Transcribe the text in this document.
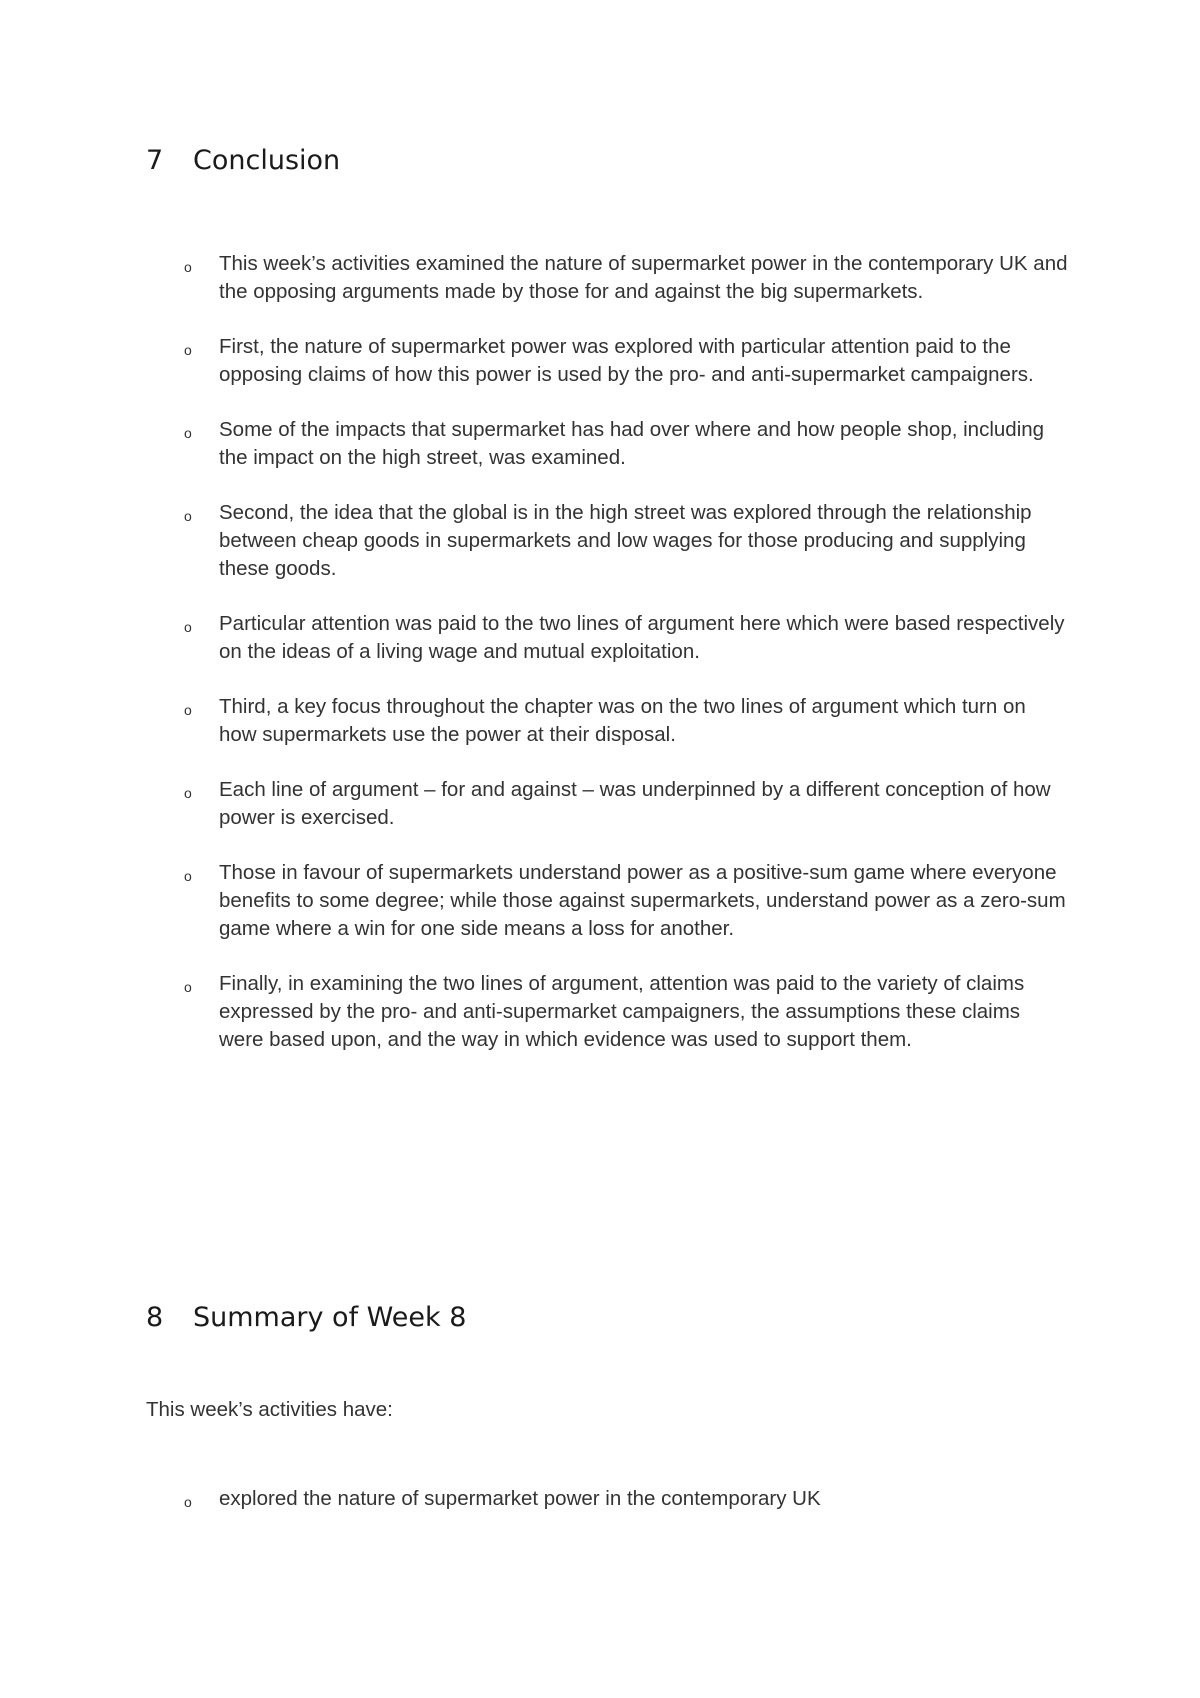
7 Conclusion
o This week’s activities examined the nature of supermarket power in the contemporary UK and the opposing arguments made by those for and against the big supermarkets.
o First, the nature of supermarket power was explored with particular attention paid to the opposing claims of how this power is used by the pro- and anti-supermarket campaigners.
o Some of the impacts that supermarket has had over where and how people shop, including the impact on the high street, was examined.
o Second, the idea that the global is in the high street was explored through the relationship between cheap goods in supermarkets and low wages for those producing and supplying these goods.
o Particular attention was paid to the two lines of argument here which were based respectively on the ideas of a living wage and mutual exploitation.
o Third, a key focus throughout the chapter was on the two lines of argument which turn on how supermarkets use the power at their disposal.
o Each line of argument – for and against – was underpinned by a different conception of how power is exercised.
o Those in favour of supermarkets understand power as a positive-sum game where everyone benefits to some degree; while those against supermarkets, understand power as a zero-sum game where a win for one side means a loss for another.
o Finally, in examining the two lines of argument, attention was paid to the variety of claims expressed by the pro- and anti-supermarket campaigners, the assumptions these claims were based upon, and the way in which evidence was used to support them.
8 Summary of Week 8

This week’s activities have:

o explored the nature of supermarket power in the contemporary UK
